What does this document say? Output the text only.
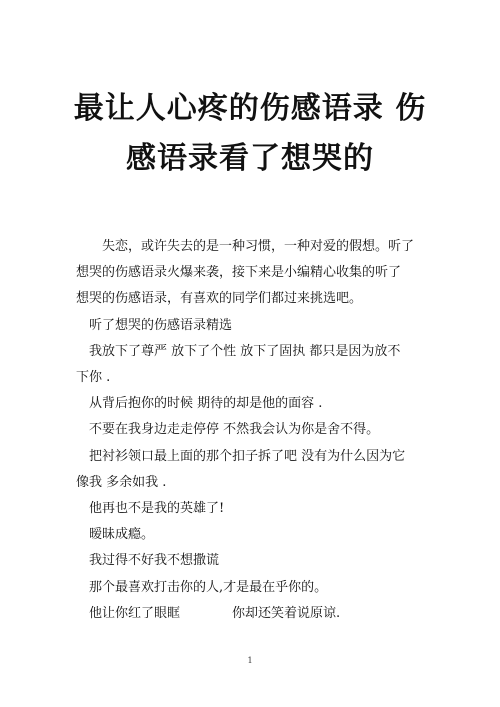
最让人心疼的伤感语录 伤
感语录看了想哭的

失恋，或许失去的是一种习惯，一种对爱的假想。听了
想哭的伤感语录火爆来袭，接下来是小编精心收集的听了
想哭的伤感语录，有喜欢的同学们都过来挑选吧。

听了想哭的伤感语录精选

我放下了尊严 放下了个性 放下了固执 都只是因为放不
下你 .

从背后抱你的时候 期待的却是他的面容 .

不要在我身边走走停停 不然我会认为你是舍不得。

把衬衫领口最上面的那个扣子拆了吧 没有为什么因为它
像我 多余如我 .

他再也不是我的英雄了!

暧昧成瘾。

我过得不好我不想撒谎

那个最喜欢打击你的人,才是最在乎你的。

他让你红了眼眶	你却还笑着说原谅.

1
